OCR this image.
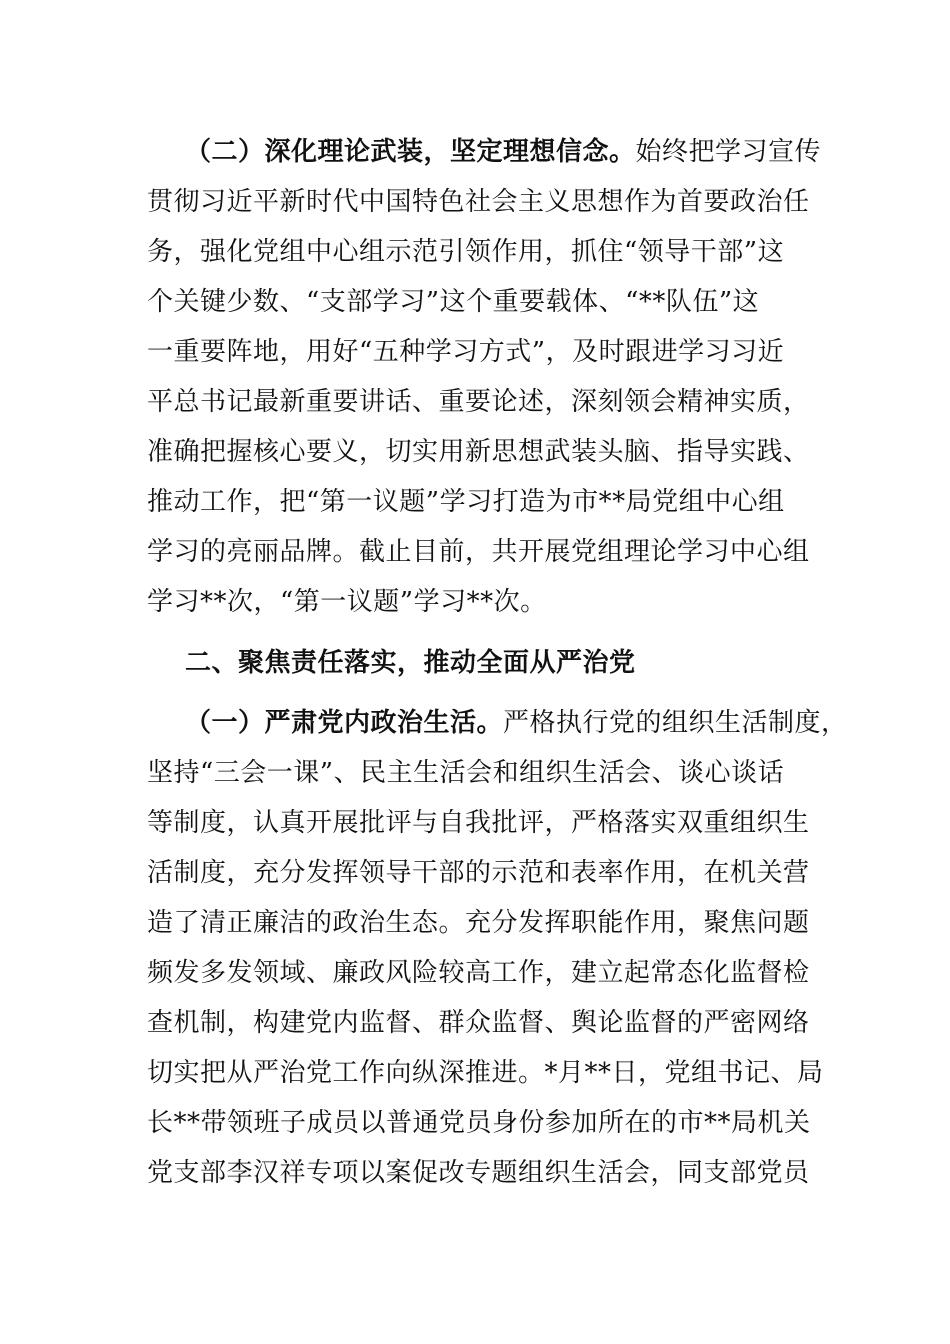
（二）深化理论武装，坚定理想信念。始终把学习宣传
贯彻习近平新时代中国特色社会主义思想作为首要政治任
务，强化党组中心组示范引领作用，抓住“领导干部”这
个关键少数、“支部学习”这个重要载体、“**队伍”这
一重要阵地，用好“五种学习方式”，及时跟进学习习近
平总书记最新重要讲话、重要论述，深刻领会精神实质，
准确把握核心要义，切实用新思想武装头脑、指导实践、
推动工作，把“第一议题”学习打造为市**局党组中心组
学习的亮丽品牌。截止目前，共开展党组理论学习中心组
学习**次，“第一议题”学习**次。
二、聚焦责任落实，推动全面从严治党
（一）严肃党内政治生活。严格执行党的组织生活制度，
坚持“三会一课”、民主生活会和组织生活会、谈心谈话
等制度，认真开展批评与自我批评，严格落实双重组织生
活制度，充分发挥领导干部的示范和表率作用，在机关营
造了清正廉洁的政治生态。充分发挥职能作用，聚焦问题
频发多发领域、廉政风险较高工作，建立起常态化监督检
查机制，构建党内监督、群众监督、舆论监督的严密网络
切实把从严治党工作向纵深推进。*月**日，党组书记、局
长**带领班子成员以普通党员身份参加所在的市**局机关
党支部李汉祥专项以案促改专题组织生活会，同支部党员
